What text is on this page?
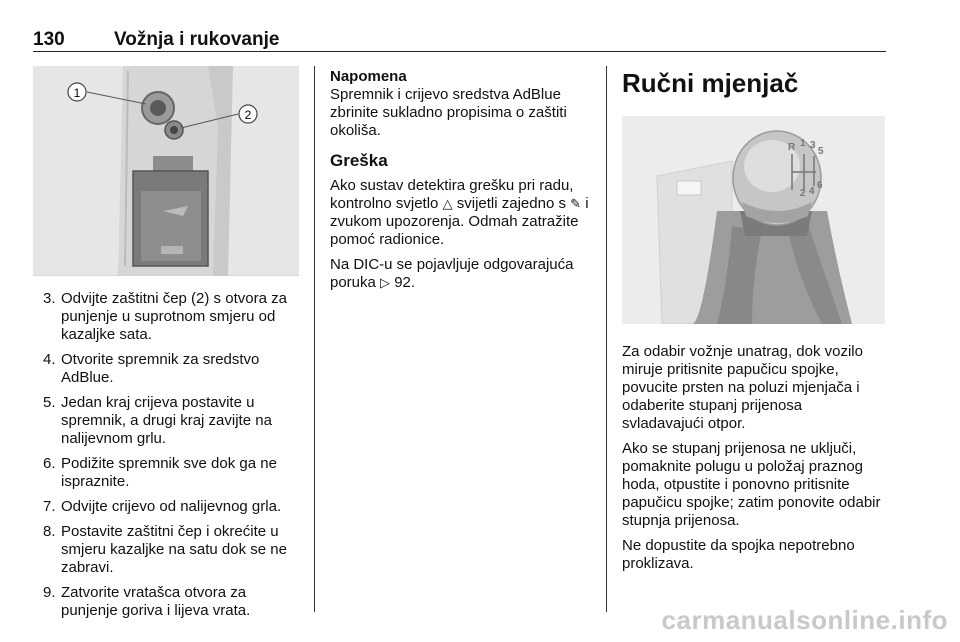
130	Vožnja i rukovanje
1
2
3. Odvijte zaštitni čep (2) s otvora za punjenje u suprotnom smjeru od kazaljke sata.
4. Otvorite spremnik za sredstvo AdBlue.
5. Jedan kraj crijeva postavite u spremnik, a drugi kraj zavijte na nalijevnom grlu.
6. Podižite spremnik sve dok ga ne ispraznite.
7. Odvijte crijevo od nalijevnog grla.
8. Postavite zaštitni čep i okrećite u smjeru kazaljke na satu dok se ne zabravi.
9. Zatvorite vratašca otvora za punjenje goriva i lijeva vrata.
Napomena

Spremnik i crijevo sredstva AdBlue zbrinite sukladno propisima o zaštiti okoliša.

Greška

Ako sustav detektira grešku pri radu, kontrolno svjetlo △ svijetli zajedno s ✎ i zvukom upozorenja. Odmah zatražite pomoć radionice.

Na DIC-u se pojavljuje odgovarajuća poruka ▷ 92.

Ručni mjenjač
R 1 3
5
2 4
6

Za odabir vožnje unatrag, dok vozilo miruje pritisnite papučicu spojke, povucite prsten na poluzi mjenjača i odaberite stupanj prijenosa svladavajući otpor.

Ako se stupanj prijenosa ne uključi, pomaknite polugu u položaj praznog hoda, otpustite i ponovno pritisnite papučicu spojke; zatim ponovite odabir stupnja prijenosa.

Ne dopustite da spojka nepotrebno proklizava.

carmanualsonline.info
